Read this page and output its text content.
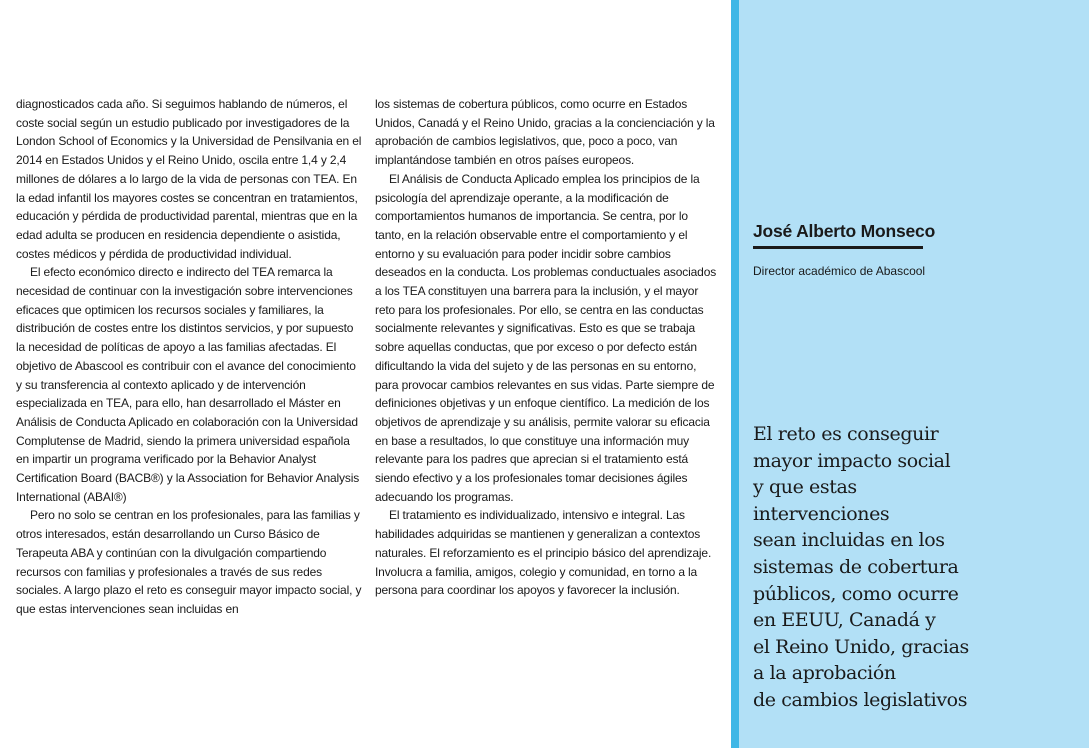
diagnosticados cada año. Si seguimos hablando de números, el coste social según un estudio publicado por investigadores de la London School of Economics y la Universidad de Pensilvania en el 2014 en Estados Unidos y el Reino Unido, oscila entre 1,4 y 2,4 millones de dólares a lo largo de la vida de personas con TEA. En la edad infantil los mayores costes se concentran en tratamientos, educación y pérdida de productividad parental, mientras que en la edad adulta se producen en residencia dependiente o asistida, costes médicos y pérdida de productividad individual.

El efecto económico directo e indirecto del TEA remarca la necesidad de continuar con la investigación sobre intervenciones eficaces que optimicen los recursos sociales y familiares, la distribución de costes entre los distintos servicios, y por supuesto la necesidad de políticas de apoyo a las familias afectadas. El objetivo de Abascool es contribuir con el avance del conocimiento y su transferencia al contexto aplicado y de intervención especializada en TEA, para ello, han desarrollado el Máster en Análisis de Conducta Aplicado en colaboración con la Universidad Complutense de Madrid, siendo la primera universidad española en impartir un programa verificado por la Behavior Analyst Certification Board (BACB®) y la Association for Behavior Analysis International (ABAI®)

Pero no solo se centran en los profesionales, para las familias y otros interesados, están desarrollando un Curso Básico de Terapeuta ABA y continúan con la divulgación compartiendo recursos con familias y profesionales a través de sus redes sociales. A largo plazo el reto es conseguir mayor impacto social, y que estas intervenciones sean incluidas en

los sistemas de cobertura públicos, como ocurre en Estados Unidos, Canadá y el Reino Unido, gracias a la concienciación y la aprobación de cambios legislativos, que, poco a poco, van implantándose también en otros países europeos.

El Análisis de Conducta Aplicado emplea los principios de la psicología del aprendizaje operante, a la modificación de comportamientos humanos de importancia. Se centra, por lo tanto, en la relación observable entre el comportamiento y el entorno y su evaluación para poder incidir sobre cambios deseados en la conducta. Los problemas conductuales asociados a los TEA constituyen una barrera para la inclusión, y el mayor reto para los profesionales. Por ello, se centra en las conductas socialmente relevantes y significativas. Esto es que se trabaja sobre aquellas conductas, que por exceso o por defecto están dificultando la vida del sujeto y de las personas en su entorno, para provocar cambios relevantes en sus vidas. Parte siempre de definiciones objetivas y un enfoque científico. La medición de los objetivos de aprendizaje y su análisis, permite valorar su eficacia en base a resultados, lo que constituye una información muy relevante para los padres que aprecian si el tratamiento está siendo efectivo y a los profesionales tomar decisiones ágiles adecuando los programas.

El tratamiento es individualizado, intensivo e integral. Las habilidades adquiridas se mantienen y generalizan a contextos naturales. El reforzamiento es el principio básico del aprendizaje. Involucra a familia, amigos, colegio y comunidad, en torno a la persona para coordinar los apoyos y favorecer la inclusión.

José Alberto Monseco
Director académico de Abascool
El reto es conseguir
mayor impacto social
y que estas
intervenciones
sean incluidas en los
sistemas de cobertura
públicos, como ocurre
en EEUU, Canadá y
el Reino Unido, gracias
a la aprobación
de cambios legislativos
